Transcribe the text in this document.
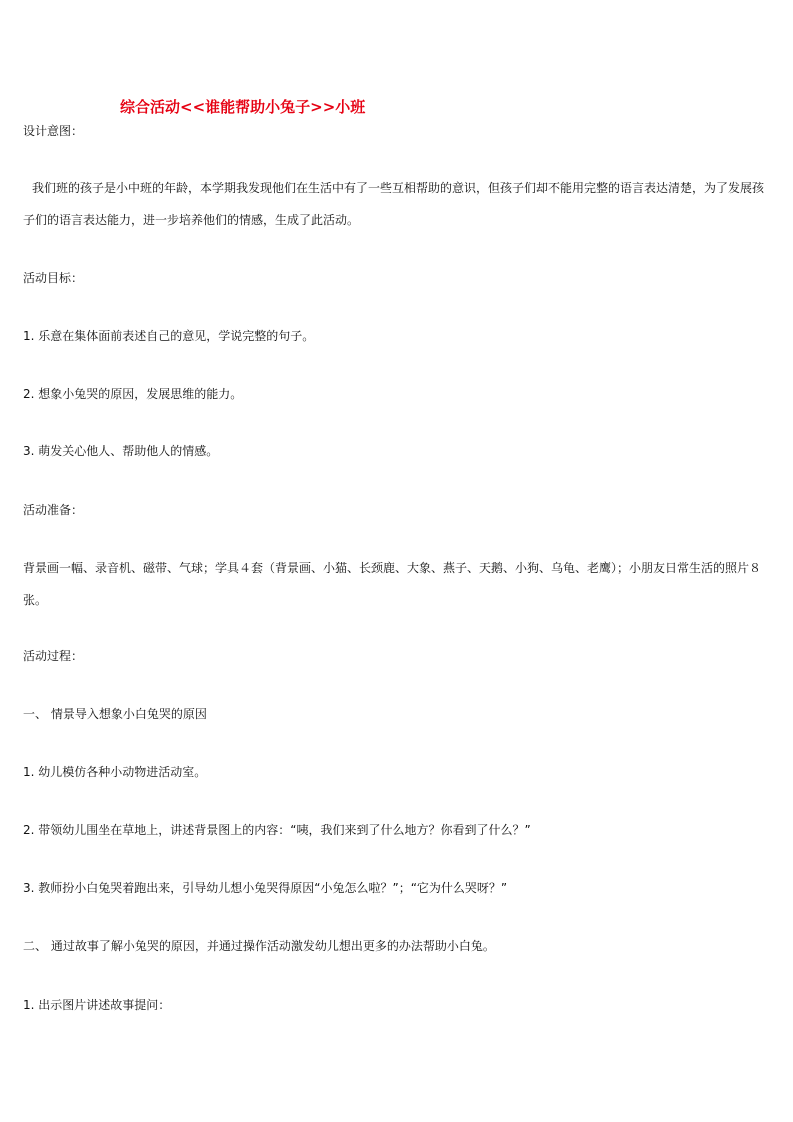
综合活动<<谁能帮助小兔子>>小班
设计意图：
我们班的孩子是小中班的年龄，本学期我发现他们在生活中有了一些互相帮助的意识，但孩子们却不能用完整的语言表达清楚，为了发展孩子们的语言表达能力，进一步培养他们的情感，生成了此活动。
活动目标：
1. 乐意在集体面前表述自己的意见，学说完整的句子。
2. 想象小兔哭的原因，发展思维的能力。
3. 萌发关心他人、帮助他人的情感。
活动准备：
背景画一幅、录音机、磁带、气球；学具４套（背景画、小猫、长颈鹿、大象、燕子、天鹅、小狗、乌龟、老鹰）；小朋友日常生活的照片８张。
活动过程：
一、 情景导入想象小白兔哭的原因
1. 幼儿模仿各种小动物进活动室。
2. 带领幼儿围坐在草地上，讲述背景图上的内容：“咦，我们来到了什么地方？你看到了什么？”
3. 教师扮小白兔哭着跑出来，引导幼儿想小兔哭得原因“小兔怎么啦？”；“它为什么哭呀？”
二、 通过故事了解小兔哭的原因，并通过操作活动激发幼儿想出更多的办法帮助小白兔。
1. 出示图片讲述故事提问：
